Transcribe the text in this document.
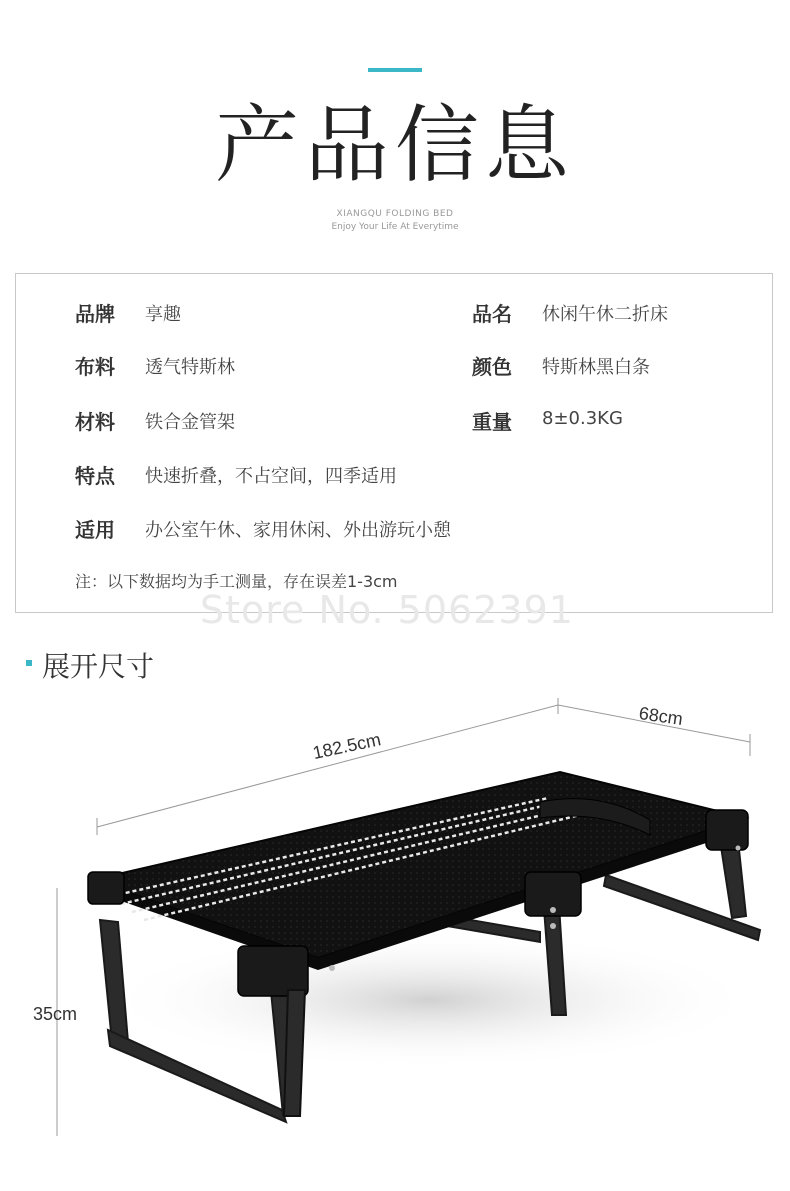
产品信息
XIANGQU FOLDING BED
Enjoy Your Life At Everytime
品牌 享趣	品名 休闲午休二折床
布料 透气特斯林	颜色 特斯林黑白条
材料 铁合金管架	重量 8±0.3KG
特点 快速折叠，不占空间，四季适用
适用 办公室午休、家用休闲、外出游玩小憩
注：以下数据均为手工测量，存在误差1-3cm
Store No. 5062391
展开尺寸
182.5cm
68cm
35cm
